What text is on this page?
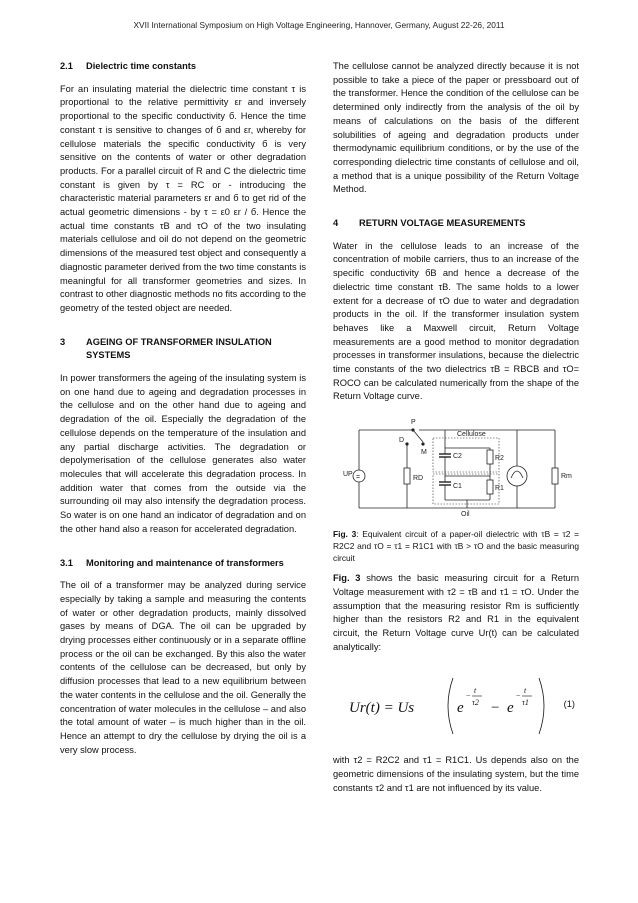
XVII International Symposium on High Voltage Engineering, Hannover, Germany, August 22-26, 2011
2.1	Dielectric time constants

For an insulating material the dielectric time constant τ is proportional to the relative permittivity εr and inversely proportional to the specific conductivity б. Hence the time constant τ is sensitive to changes of б and εr, whereby for cellulose materials the specific conductivity б is very sensitive on the contents of water or other degradation products. For a parallel circuit of R and C the dielectric time constant is given by τ = RC or - introducing the characteristic material parameters εr and б to get rid of the actual geometric dimensions - by τ = ε0 εr / б. Hence the actual time constants τB and τO of the two insulating materials cellulose and oil do not depend on the geometric dimensions of the measured test object and consequently a diagnostic parameter derived from the two time constants is meaningful for all transformer geometries and sizes. In contrast to other diagnostic methods no fits according to the geometry of the tested object are needed.

3	AGEING OF TRANSFORMER INSULATION SYSTEMS

In power transformers the ageing of the insulating system is on one hand due to ageing and degradation processes in the cellulose and on the other hand due to ageing and degradation of the oil. Especially the degradation of the cellulose depends on the temperature of the insulation and any partial discharge activities. The degradation or depolymerisation of the cellulose generates also water molecules that will accelerate this degradation process. In addition water that comes from the outside via the surrounding oil may also intensify the degradation process. So water is on one hand an indicator of degradation and on the other hand also a reason for accelerated degradation.

3.1	Monitoring and maintenance of transformers

The oil of a transformer may be analyzed during service especially by taking a sample and measuring the contents of water or other degradation products, mainly dissolved gases by means of DGA. The oil can be upgraded by drying processes either continuously or in a separate offline process or the oil can be exchanged. By this also the water contents of the cellulose can be decreased, but only by diffusion processes that lead to a new equilibrium between the water contents in the cellulose and the oil. Generally the concentration of water molecules in the cellulose – and also the total amount of water – is much higher than in the oil. Hence an attempt to dry the cellulose by drying the oil is a very slow process.

The cellulose cannot be analyzed directly because it is not possible to take a piece of the paper or pressboard out of the transformer. Hence the condition of the cellulose can be determined only indirectly from the analysis of the oil by means of calculations on the basis of the different solubilities of ageing and degradation products under thermodynamic equilibrium conditions, or by the use of the corresponding dielectric time constants of cellulose and oil, a method that is a unique possibility of the Return Voltage Method.

4	RETURN VOLTAGE MEASUREMENTS

Water in the cellulose leads to an increase of the concentration of mobile carriers, thus to an increase of the specific conductivity бB and hence a decrease of the dielectric time constant τB. The same holds to a lower extent for a decrease of τO due to water and degradation products in the oil. If the transformer insulation system behaves like a Maxwell circuit, Return Voltage measurements are a good method to monitor degradation processes in transformer insulations, because the dielectric time constants of the two dielectrics τB = RBCB and τO= ROCO can be calculated numerically from the shape of the Return Voltage curve.

P
D
M
Cellulose
C2	R2
UP =	RD
C1	R1
Oil
Rm

Fig. 3: Equivalent circuit of a paper-oil dielectric with τB = τ2 = R2C2 and τO = τ1 = R1C1 with τB > τO and the basic measuring circuit

Fig. 3 shows the basic measuring circuit for a Return Voltage measurement with τ2 = τB and τ1 = τO. Under the assumption that the measuring resistor Rm is sufficiently higher than the resistors R2 and R1 in the equivalent circuit, the Return Voltage curve Ur(t) can be calculated analytically:

Ur(t) = Us	e
−
t
τ2 − e
−
t
τ1	(1)

with τ2 = R2C2 and τ1 = R1C1. Us depends also on the geometric dimensions of the insulating system, but the time constants τ2 and τ1 are not influenced by its value.
